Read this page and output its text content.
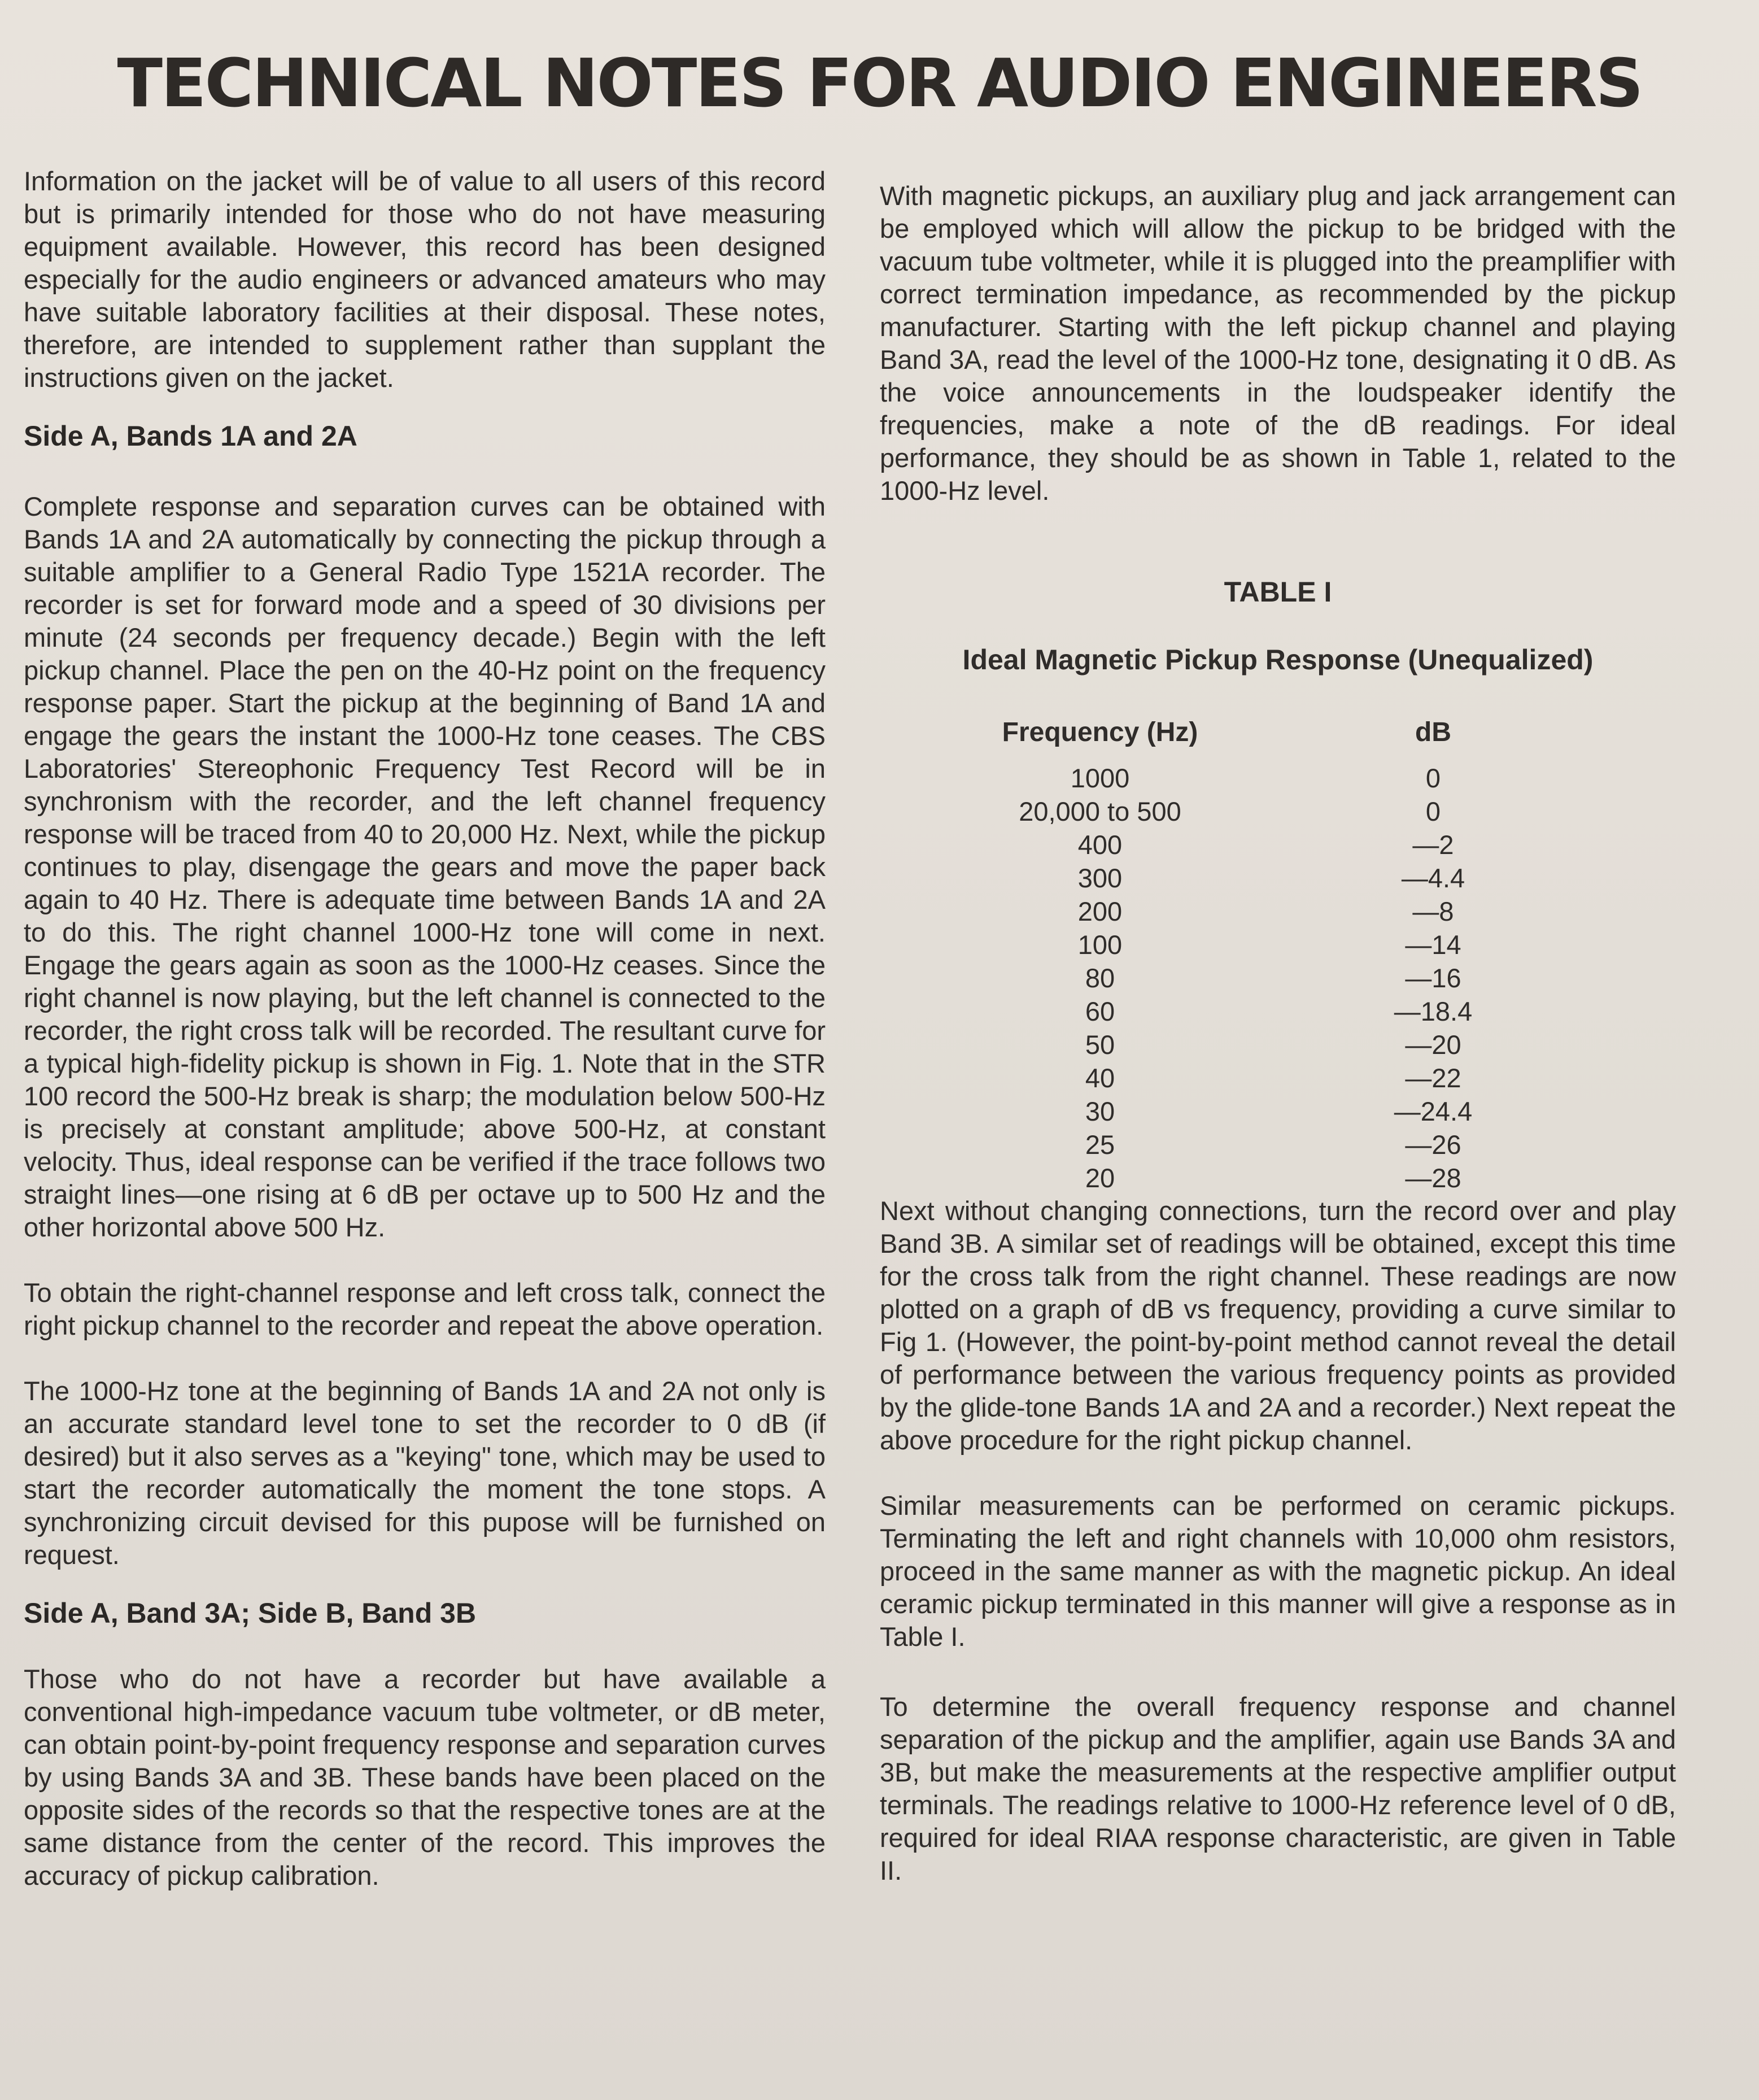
TECHNICAL NOTES FOR AUDIO ENGINEERS

Information on the jacket will be of value to all users of this record but is primarily intended for those who do not have measuring equipment available. However, this record has been designed especially for the audio engineers or advanced amateurs who may have suitable laboratory facilities at their disposal. These notes, therefore, are intended to supplement rather than supplant the instructions given on the jacket.

Side A, Bands 1A and 2A

Complete response and separation curves can be obtained with Bands 1A and 2A automatically by connecting the pickup through a suitable amplifier to a General Radio Type 1521A recorder. The recorder is set for forward mode and a speed of 30 divisions per minute (24 seconds per frequency decade.) Begin with the left pickup channel. Place the pen on the 40-Hz point on the frequency response paper. Start the pickup at the beginning of Band 1A and engage the gears the instant the 1000-Hz tone ceases. The CBS Laboratories' Stereophonic Frequency Test Record will be in synchronism with the recorder, and the left channel frequency response will be traced from 40 to 20,000 Hz. Next, while the pickup continues to play, disengage the gears and move the paper back again to 40 Hz. There is adequate time between Bands 1A and 2A to do this. The right channel 1000-Hz tone will come in next. Engage the gears again as soon as the 1000-Hz ceases. Since the right channel is now playing, but the left channel is connected to the recorder, the right cross talk will be recorded. The resultant curve for a typical high-fidelity pickup is shown in Fig. 1. Note that in the STR 100 record the 500-Hz break is sharp; the modulation below 500-Hz is precisely at constant amplitude; above 500-Hz, at constant velocity. Thus, ideal response can be verified if the trace follows two straight lines—one rising at 6 dB per octave up to 500 Hz and the other horizontal above 500 Hz.

To obtain the right-channel response and left cross talk, connect the right pickup channel to the recorder and repeat the above operation.

The 1000-Hz tone at the beginning of Bands 1A and 2A not only is an accurate standard level tone to set the recorder to 0 dB (if desired) but it also serves as a "keying" tone, which may be used to start the recorder automatically the moment the tone stops. A synchronizing circuit devised for this pupose will be furnished on request.

Side A, Band 3A; Side B, Band 3B

Those who do not have a recorder but have available a conventional high-impedance vacuum tube voltmeter, or dB meter, can obtain point-by-point frequency response and separation curves by using Bands 3A and 3B. These bands have been placed on the opposite sides of the records so that the respective tones are at the same distance from the center of the record. This improves the accuracy of pickup calibration.

With magnetic pickups, an auxiliary plug and jack arrangement can be employed which will allow the pickup to be bridged with the vacuum tube voltmeter, while it is plugged into the preamplifier with correct termination impedance, as recommended by the pickup manufacturer. Starting with the left pickup channel and playing Band 3A, read the level of the 1000-Hz tone, designating it 0 dB. As the voice announcements in the loudspeaker identify the frequencies, make a note of the dB readings. For ideal performance, they should be as shown in Table 1, related to the 1000-Hz level.

TABLE I
Ideal Magnetic Pickup Response (Unequalized)
Frequency (Hz)	dB
1000	0
20,000 to 500	0
400	—2
300	—4.4
200	—8
100	—14
80	—16
60	—18.4
50	—20
40	—22
30	—24.4
25	—26
20	—28

Next without changing connections, turn the record over and play Band 3B. A similar set of readings will be obtained, except this time for the cross talk from the right channel. These readings are now plotted on a graph of dB vs frequency, providing a curve similar to Fig 1. (However, the point-by-point method cannot reveal the detail of performance between the various frequency points as provided by the glide-tone Bands 1A and 2A and a recorder.) Next repeat the above procedure for the right pickup channel.

Similar measurements can be performed on ceramic pickups. Terminating the left and right channels with 10,000 ohm resistors, proceed in the same manner as with the magnetic pickup. An ideal ceramic pickup terminated in this manner will give a response as in Table I.

To determine the overall frequency response and channel separation of the pickup and the amplifier, again use Bands 3A and 3B, but make the measurements at the respective amplifier output terminals. The readings relative to 1000-Hz reference level of 0 dB, required for ideal RIAA response characteristic, are given in Table II.
